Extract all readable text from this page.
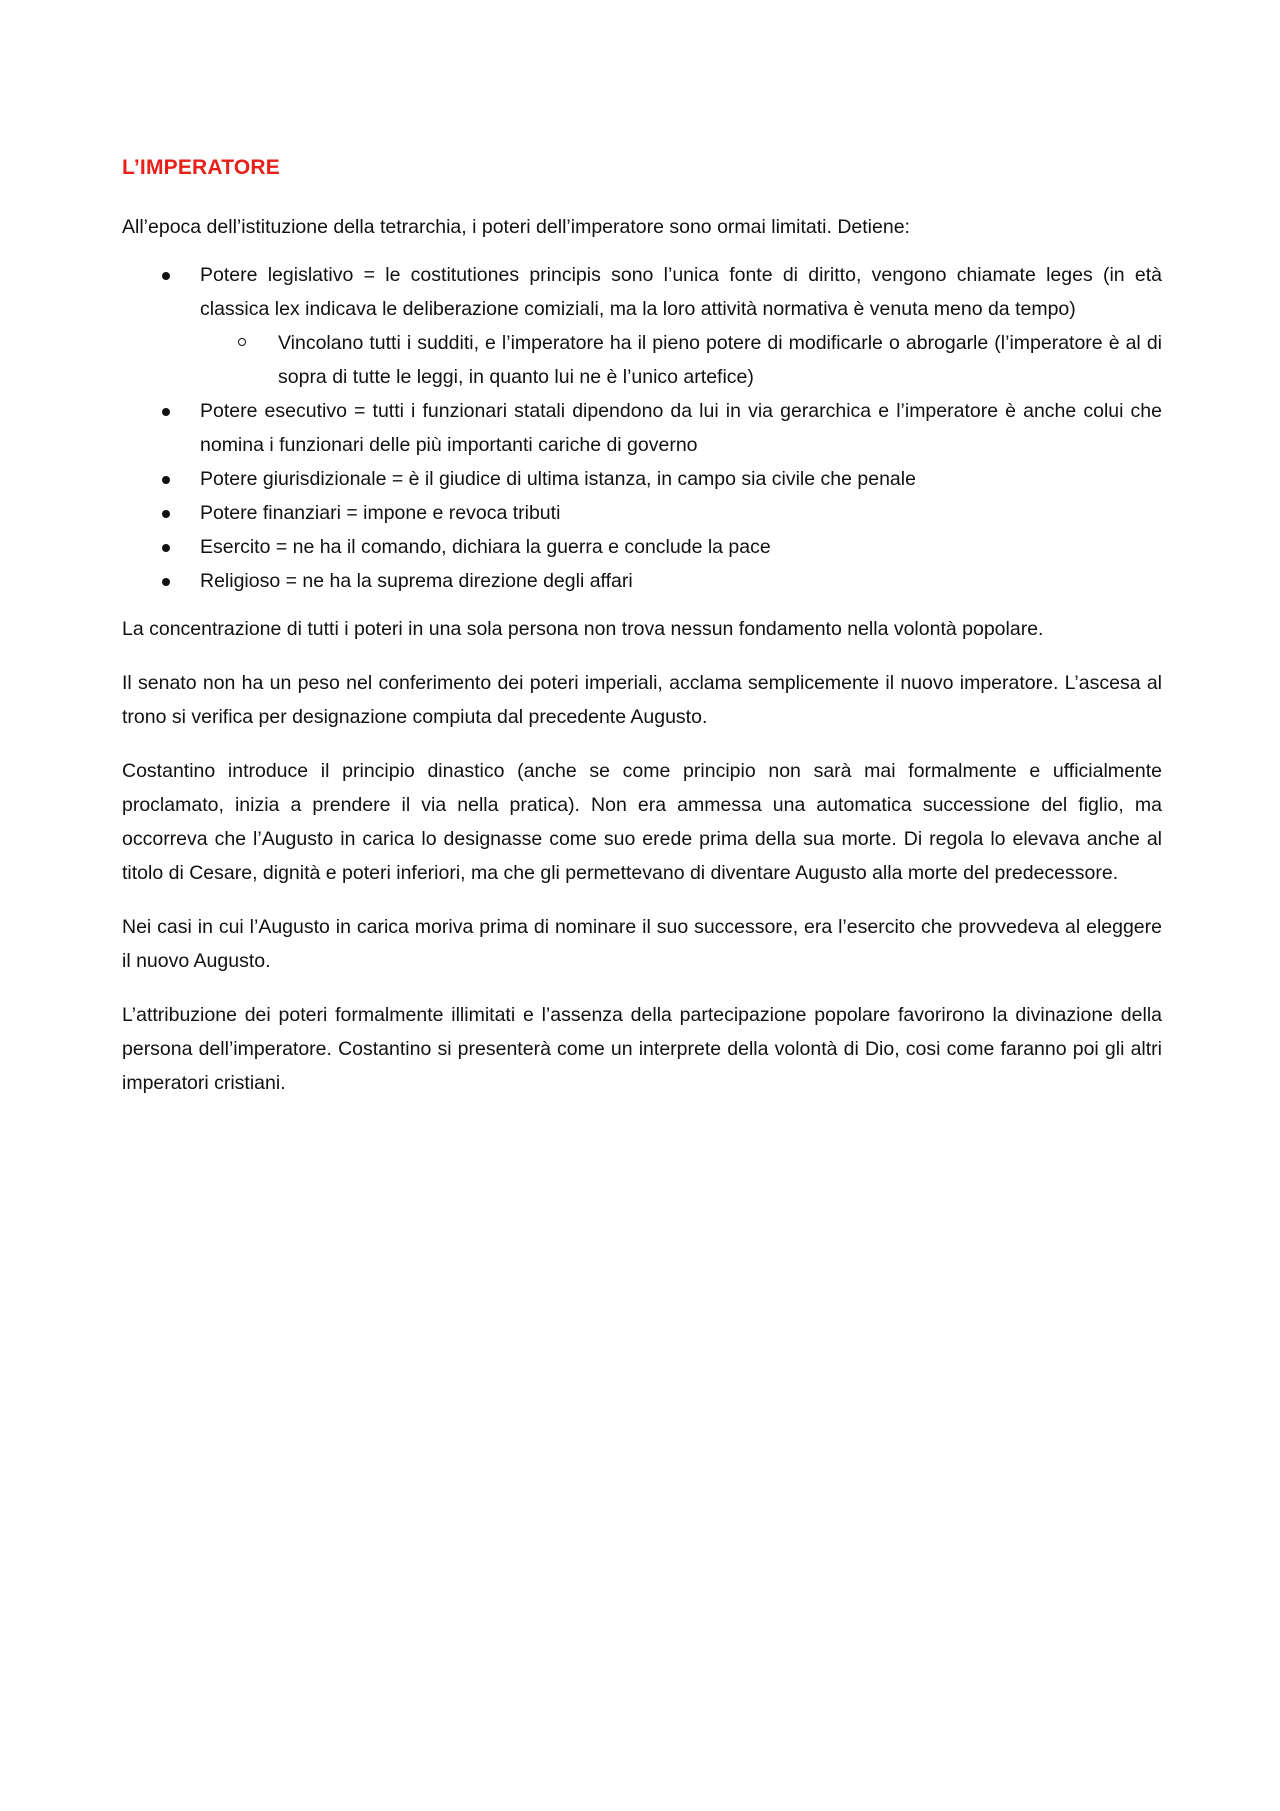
L’IMPERATORE

All’epoca dell’istituzione della tetrarchia, i poteri dell’imperatore sono ormai limitati. Detiene:

Potere legislativo = le costitutiones principis sono l’unica fonte di diritto, vengono chiamate leges (in età classica lex indicava le deliberazione comiziali, ma la loro attività normativa è venuta meno da tempo)
Vincolano tutti i sudditi, e l’imperatore ha il pieno potere di modificarle o abrogarle (l’imperatore è al di sopra di tutte le leggi, in quanto lui ne è l’unico artefice)
Potere esecutivo = tutti i funzionari statali dipendono da lui in via gerarchica e l’imperatore è anche colui che nomina i funzionari delle più importanti cariche di governo
Potere giurisdizionale = è il giudice di ultima istanza, in campo sia civile che penale
Potere finanziari = impone e revoca tributi
Esercito = ne ha il comando, dichiara la guerra e conclude la pace
Religioso = ne ha la suprema direzione degli affari

La concentrazione di tutti i poteri in una sola persona non trova nessun fondamento nella volontà popolare.

Il senato non ha un peso nel conferimento dei poteri imperiali, acclama semplicemente il nuovo imperatore. L’ascesa al trono si verifica per designazione compiuta dal precedente Augusto.

Costantino introduce il principio dinastico (anche se come principio non sarà mai formalmente e ufficialmente proclamato, inizia a prendere il via nella pratica). Non era ammessa una automatica successione del figlio, ma occorreva che l’Augusto in carica lo designasse come suo erede prima della sua morte. Di regola lo elevava anche al titolo di Cesare, dignità e poteri inferiori, ma che gli permettevano di diventare Augusto alla morte del predecessore.

Nei casi in cui l’Augusto in carica moriva prima di nominare il suo successore, era l’esercito che provvedeva al eleggere il nuovo Augusto.

L’attribuzione dei poteri formalmente illimitati e l’assenza della partecipazione popolare favorirono la divinazione della persona dell’imperatore. Costantino si presenterà come un interprete della volontà di Dio, cosi come faranno poi gli altri imperatori cristiani.
